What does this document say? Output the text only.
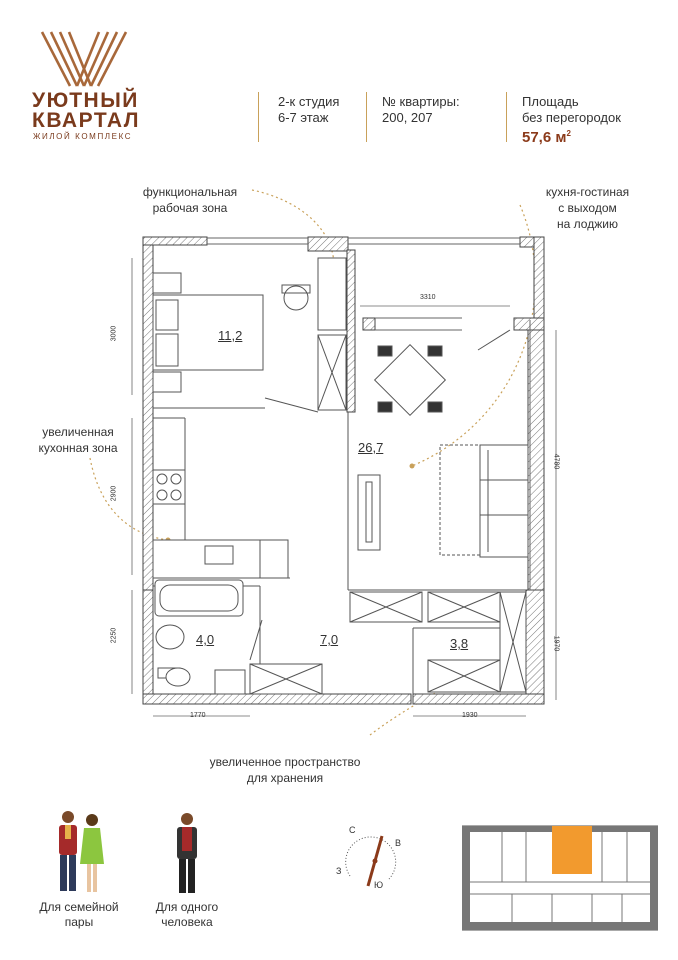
УЮТНЫЙ
КВАРТАЛ
ЖИЛОЙ КОМПЛЕКС
2-к студия
6-7 этаж
№ квартиры:
200, 207
Площадь
без перегородок
57,6 $м^2$
функциональная
рабочая зона
кухня-гостиная
с выходом
на лоджию
увеличенная
кухонная зона
увеличенное пространство
для хранения
11,2
26,7
4,0	7,0	3,8
3310
3000
2900
2250
4780
1970
1770	1930
Для семейной
пары
Для одного
человека
С
В
З
Ю
